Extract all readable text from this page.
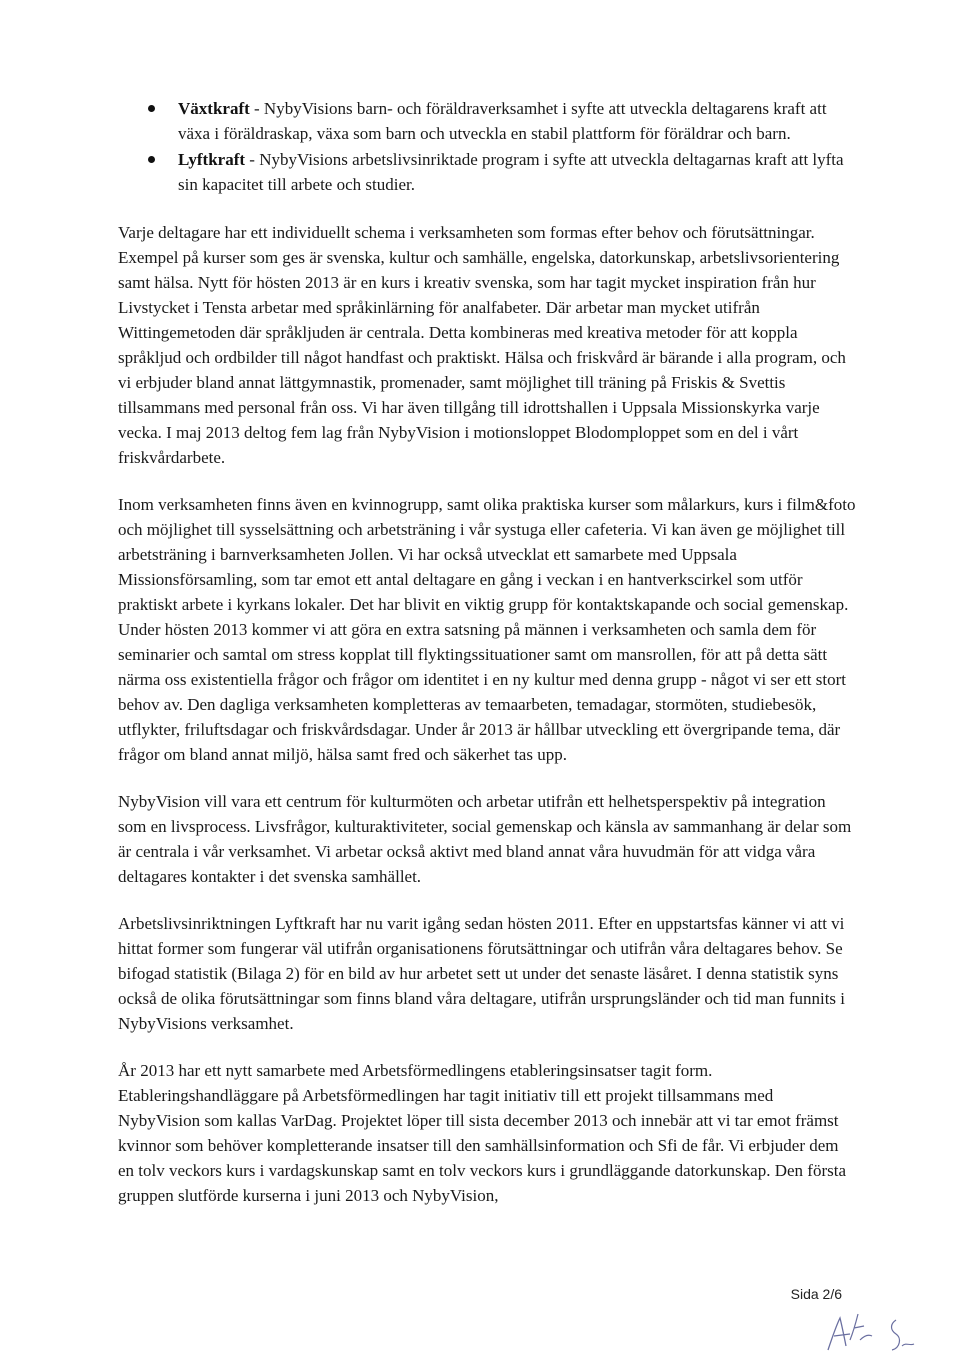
Växtkraft - NybyVisions barn- och föräldraverksamhet i syfte att utveckla deltagarens kraft att växa i föräldraskap, växa som barn och utveckla en stabil plattform för föräldrar och barn.
Lyftkraft - NybyVisions arbetslivsinriktade program i syfte att utveckla deltagarnas kraft att lyfta sin kapacitet till arbete och studier.

Varje deltagare har ett individuellt schema i verksamheten som formas efter behov och förutsättningar. Exempel på kurser som ges är svenska, kultur och samhälle, engelska, datorkunskap, arbetslivsorientering samt hälsa. Nytt för hösten 2013 är en kurs i kreativ svenska, som har tagit mycket inspiration från hur Livstycket i Tensta arbetar med språkinlärning för analfabeter. Där arbetar man mycket utifrån Wittingemetoden där språkljuden är centrala. Detta kombineras med kreativa metoder för att koppla språkljud och ordbilder till något handfast och praktiskt. Hälsa och friskvård är bärande i alla program, och vi erbjuder bland annat lättgymnastik, promenader, samt möjlighet till träning på Friskis & Svettis tillsammans med personal från oss. Vi har även tillgång till idrottshallen i Uppsala Missionskyrka varje vecka. I maj 2013 deltog fem lag från NybyVision i motionsloppet Blodomploppet som en del i vårt friskvårdarbete.

Inom verksamheten finns även en kvinnogrupp, samt olika praktiska kurser som målarkurs, kurs i film&foto och möjlighet till sysselsättning och arbetsträning i vår systuga eller cafeteria. Vi kan även ge möjlighet till arbetsträning i barnverksamheten Jollen. Vi har också utvecklat ett samarbete med Uppsala Missionsförsamling, som tar emot ett antal deltagare en gång i veckan i en hantverkscirkel som utför praktiskt arbete i kyrkans lokaler. Det har blivit en viktig grupp för kontaktskapande och social gemenskap. Under hösten 2013 kommer vi att göra en extra satsning på männen i verksamheten och samla dem för seminarier och samtal om stress kopplat till flyktingssituationer samt om mansrollen, för att på detta sätt närma oss existentiella frågor och frågor om identitet i en ny kultur med denna grupp - något vi ser ett stort behov av. Den dagliga verksamheten kompletteras av temaarbeten, temadagar, stormöten, studiebesök, utflykter, friluftsdagar och friskvårdsdagar. Under år 2013 är hållbar utveckling ett övergripande tema, där frågor om bland annat miljö, hälsa samt fred och säkerhet tas upp.

NybyVision vill vara ett centrum för kulturmöten och arbetar utifrån ett helhetsperspektiv på integration som en livsprocess. Livsfrågor, kulturaktiviteter, social gemenskap och känsla av sammanhang är delar som är centrala i vår verksamhet. Vi arbetar också aktivt med bland annat våra huvudmän för att vidga våra deltagares kontakter i det svenska samhället.

Arbetslivsinriktningen Lyftkraft har nu varit igång sedan hösten 2011. Efter en uppstartsfas känner vi att vi hittat former som fungerar väl utifrån organisationens förutsättningar och utifrån våra deltagares behov. Se bifogad statistik (Bilaga 2) för en bild av hur arbetet sett ut under det senaste läsåret. I denna statistik syns också de olika förutsättningar som finns bland våra deltagare, utifrån ursprungsländer och tid man funnits i NybyVisions verksamhet.

År 2013 har ett nytt samarbete med Arbetsförmedlingens etableringsinsatser tagit form. Etableringshandläggare på Arbetsförmedlingen har tagit initiativ till ett projekt tillsammans med NybyVision som kallas VarDag. Projektet löper till sista december 2013 och innebär att vi tar emot främst kvinnor som behöver kompletterande insatser till den samhällsinformation och Sfi de får. Vi erbjuder dem en tolv veckors kurs i vardagskunskap samt en tolv veckors kurs i grundläggande datorkunskap. Den första gruppen slutförde kurserna i juni 2013 och NybyVision,

Sida 2/6
